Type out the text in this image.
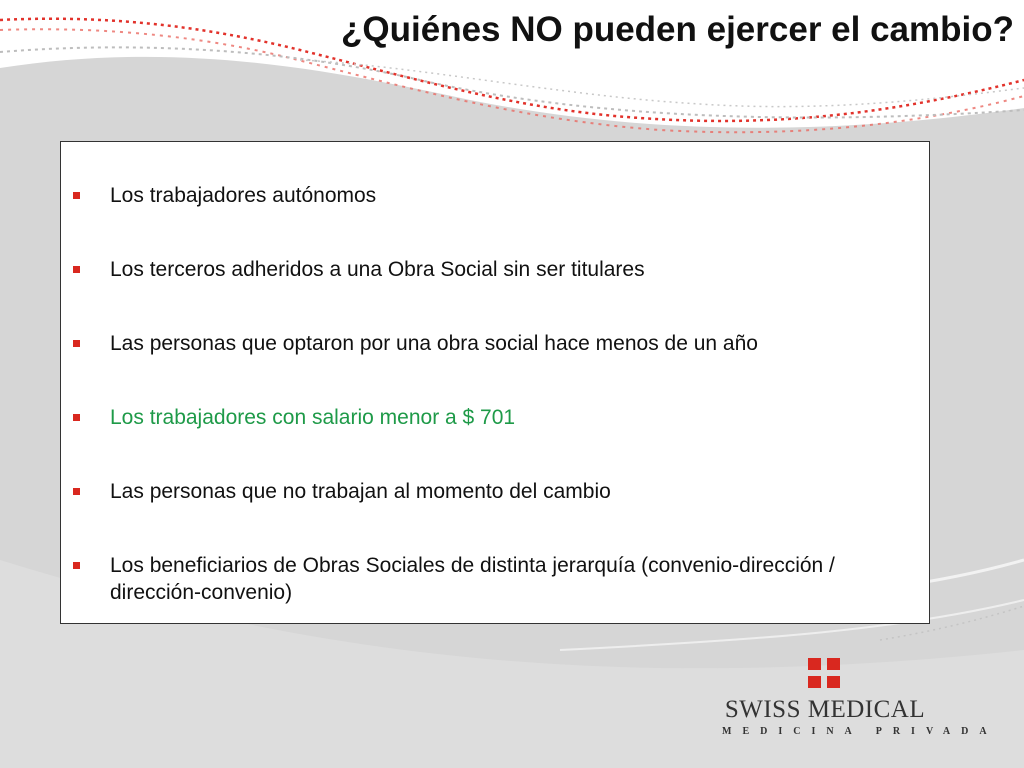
¿Quiénes NO pueden ejercer el cambio?
Los trabajadores autónomos
Los terceros adheridos a una Obra Social sin ser titulares
Las personas que optaron por una obra social hace menos de un año
Los trabajadores con salario menor a $ 701
Las personas que no trabajan al momento del cambio
Los beneficiarios de Obras Sociales de distinta jerarquía (convenio-dirección / dirección-convenio)
SWISS MEDICAL
MEDICINA PRIVADA
